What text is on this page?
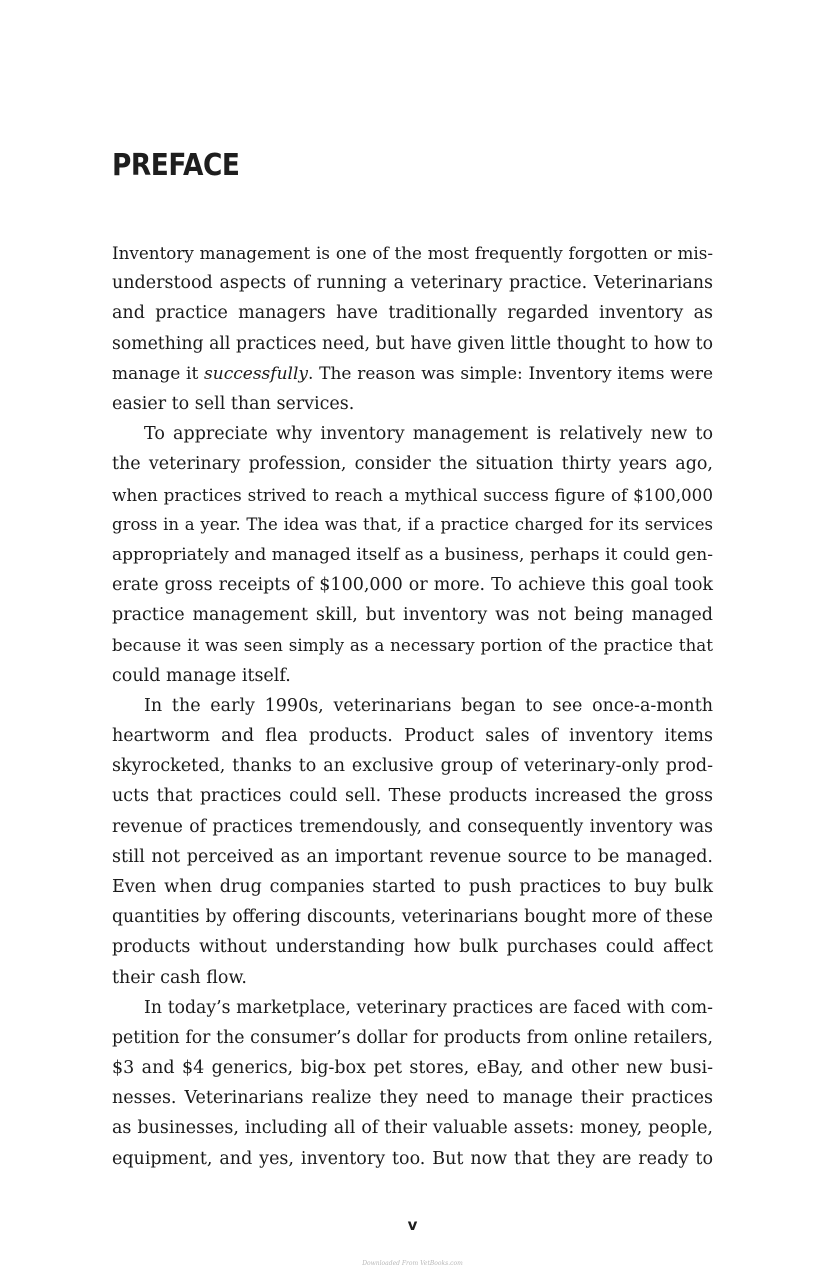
PREFACE
Inventory management is one of the most frequently forgotten or mis-
understood aspects of running a veterinary practice. Veterinarians
and practice managers have traditionally regarded inventory as
something all practices need, but have given little thought to how to
manage it successfully. The reason was simple: Inventory items were
easier to sell than services.
To appreciate why inventory management is relatively new to
the veterinary profession, consider the situation thirty years ago,
when practices strived to reach a mythical success figure of $100,000
gross in a year. The idea was that, if a practice charged for its services
appropriately and managed itself as a business, perhaps it could gen-
erate gross receipts of $100,000 or more. To achieve this goal took
practice management skill, but inventory was not being managed
because it was seen simply as a necessary portion of the practice that
could manage itself.
In the early 1990s, veterinarians began to see once-a-month
heartworm and flea products. Product sales of inventory items
skyrocketed, thanks to an exclusive group of veterinary-only prod-
ucts that practices could sell. These products increased the gross
revenue of practices tremendously, and consequently inventory was
still not perceived as an important revenue source to be managed.
Even when drug companies started to push practices to buy bulk
quantities by offering discounts, veterinarians bought more of these
products without understanding how bulk purchases could affect
their cash flow.
In today’s marketplace, veterinary practices are faced with com-
petition for the consumer’s dollar for products from online retailers,
$3 and $4 generics, big-box pet stores, eBay, and other new busi-
nesses. Veterinarians realize they need to manage their practices
as businesses, including all of their valuable assets: money, people,
equipment, and yes, inventory too. But now that they are ready to
v
Downloaded From VetBooks.com
